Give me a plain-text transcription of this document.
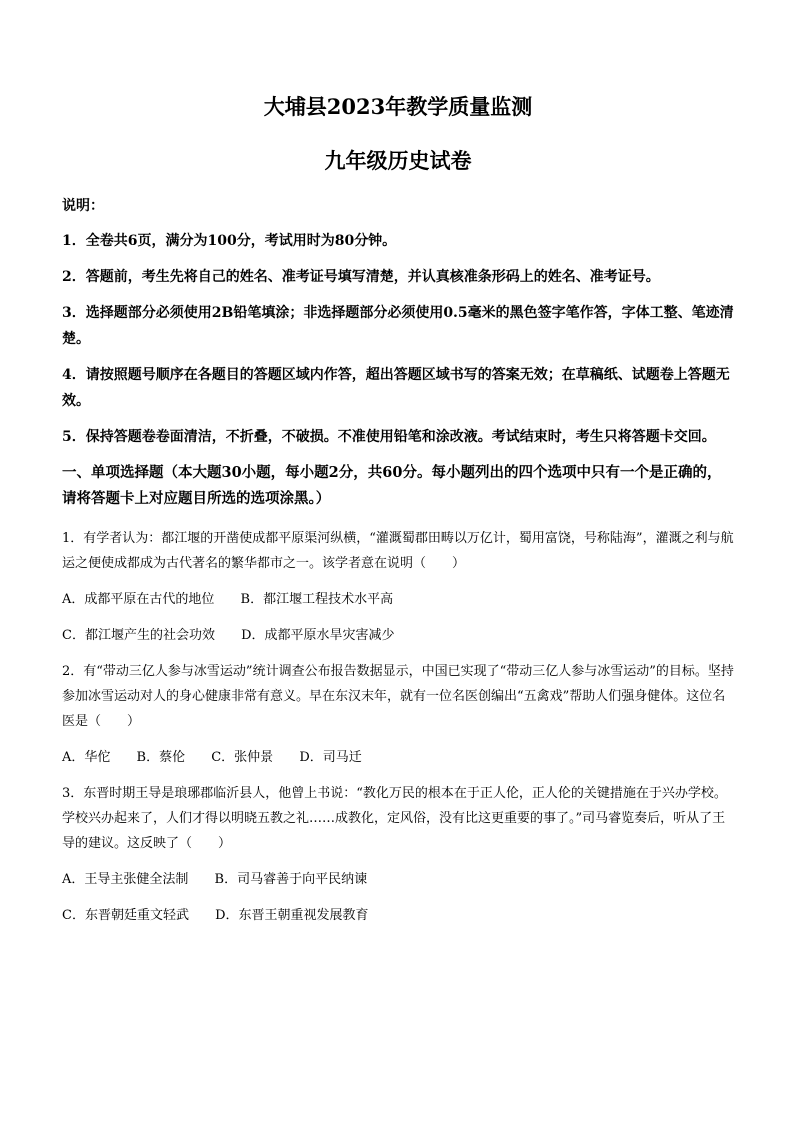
大埔县2023年教学质量监测
九年级历史试卷

说明：

1．全卷共6页，满分为100分，考试用时为80分钟。

2．答题前，考生先将自己的姓名、准考证号填写清楚，并认真核准条形码上的姓名、准考证号。

3．选择题部分必须使用2B铅笔填涂；非选择题部分必须使用0.5毫米的黑色签字笔作答，字体工整、笔迹清楚。

4．请按照题号顺序在各题目的答题区域内作答，超出答题区域书写的答案无效；在草稿纸、试题卷上答题无效。

5．保持答题卷卷面清洁，不折叠，不破损。不准使用铅笔和涂改液。考试结束时，考生只将答题卡交回。

一、单项选择题（本大题30小题，每小题2分，共60分。每小题列出的四个选项中只有一个是正确的，请将答题卡上对应题目所选的选项涂黑。）

1．有学者认为：都江堰的开凿使成都平原渠河纵横，“灌溉蜀郡田畴以万亿计，蜀用富饶，号称陆海”，灌溉之利与航运之便使成都成为古代著名的繁华都市之一。该学者意在说明（　　）

A．成都平原在古代的地位 B．都江堰工程技术水平高
C．都江堰产生的社会功效 D．成都平原水旱灾害减少

2．有“带动三亿人参与冰雪运动”统计调查公布报告数据显示，中国已实现了“带动三亿人参与冰雪运动”的目标。坚持参加冰雪运动对人的身心健康非常有意义。早在东汉末年，就有一位名医创编出“五禽戏”帮助人们强身健体。这位名医是（　　）

A．华佗 B．蔡伦 C．张仲景 D．司马迁

3．东晋时期王导是琅琊郡临沂县人，他曾上书说：“教化万民的根本在于正人伦，正人伦的关键措施在于兴办学校。学校兴办起来了，人们才得以明晓五教之礼……成教化，定风俗，没有比这更重要的事了。”司马睿览奏后，听从了王导的建议。这反映了（　　）

A．王导主张健全法制 B．司马睿善于向平民纳谏
C．东晋朝廷重文轻武 D．东晋王朝重视发展教育
